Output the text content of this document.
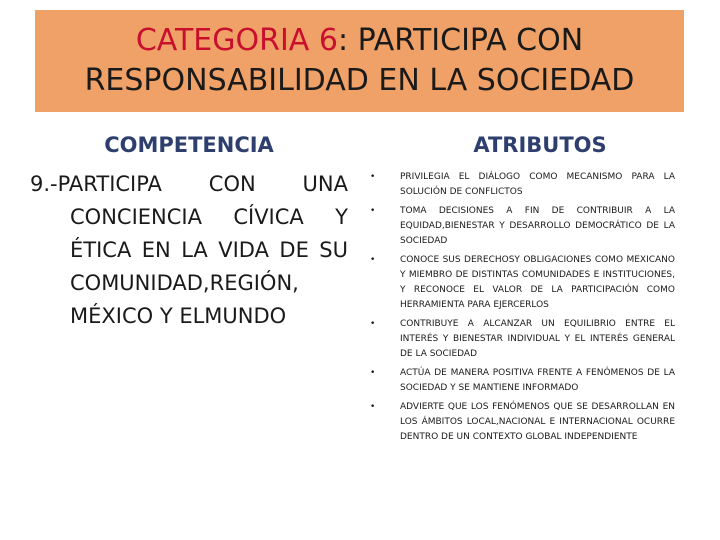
CATEGORIA 6: PARTICIPA CON
RESPONSABILIDAD EN LA SOCIEDAD
COMPETENCIA

9.-PARTICIPA CON UNA CONCIENCIA CÍVICA Y ÉTICA EN LA VIDA DE SU COMUNIDAD,REGIÓN, MÉXICO Y ELMUNDO

ATRIBUTOS
•	PRIVILEGIA EL DIÁLOGO COMO MECANISMO PARA LA SOLUCIÓN DE CONFLICTOS
•	TOMA DECISIONES A FIN DE CONTRIBUIR A LA EQUIDAD,BIENESTAR Y DESARROLLO DEMOCRÁTICO DE LA SOCIEDAD
•	CONOCE SUS DERECHOSY OBLIGACIONES COMO MEXICANO Y MIEMBRO DE DISTINTAS COMUNIDADES E INSTITUCIONES, Y RECONOCE EL VALOR DE LA PARTICIPACIÓN COMO HERRAMIENTA PARA EJERCERLOS
•	CONTRIBUYE A ALCANZAR UN EQUILIBRIO ENTRE EL INTERÉS Y BIENESTAR INDIVIDUAL Y EL INTERÉS GENERAL DE LA SOCIEDAD
•	ACTÚA DE MANERA POSITIVA FRENTE A FENÓMENOS DE LA SOCIEDAD Y SE MANTIENE INFORMADO
•	ADVIERTE QUE LOS FENÓMENOS QUE SE DESARROLLAN EN LOS ÁMBITOS LOCAL,NACIONAL E INTERNACIONAL OCURRE DENTRO DE UN CONTEXTO GLOBAL INDEPENDIENTE
